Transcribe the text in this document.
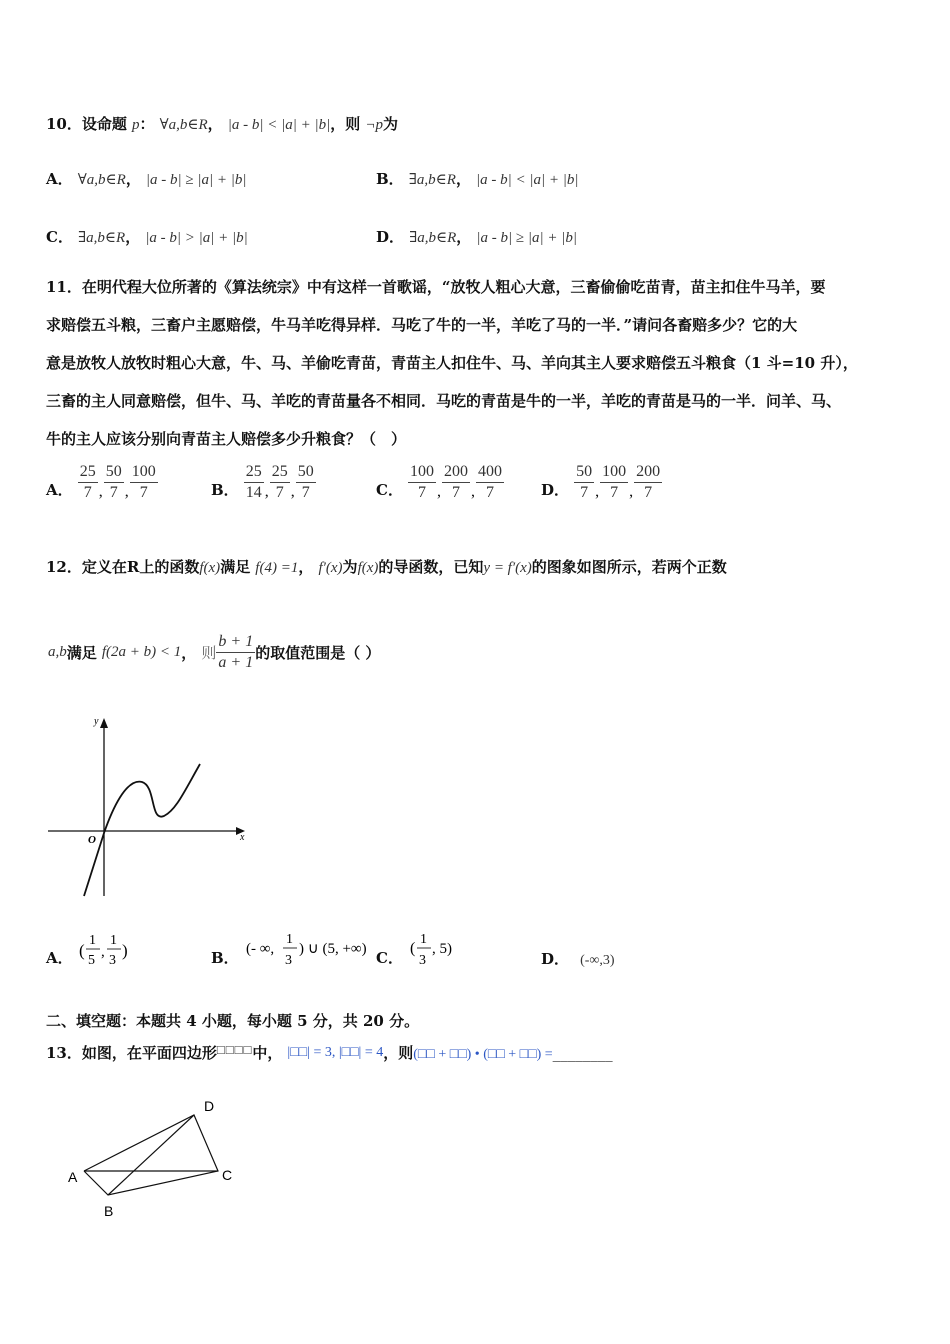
10．设命题 p： ∀a,b∈R， |a - b| < |a| + |b|，则 ¬p为
A． ∀a,b∈R， |a - b| ≥ |a| + |b|	B． ∃a,b∈R， |a - b| < |a| + |b|
C． ∃a,b∈R， |a - b| > |a| + |b|	D． ∃a,b∈R， |a - b| ≥ |a| + |b|
11．在明代程大位所著的《算法统宗》中有这样一首歌谣，“放牧人粗心大意，三畜偷偷吃苗青，苗主扣住牛马羊，要
求赔偿五斗粮，三畜户主愿赔偿，牛马羊吃得异样．马吃了牛的一半，羊吃了马的一半．”请问各畜赔多少？它的大
意是放牧人放牧时粗心大意，牛、马、羊偷吃青苗，青苗主人扣住牛、马、羊向其主人要求赔偿五斗粮食（1 斗=10 升），
三畜的主人同意赔偿，但牛、马、羊吃的青苗量各不相同．马吃的青苗是牛的一半，羊吃的青苗是马的一半．问羊、马、
牛的主人应该分别向青苗主人赔偿多少升粮食？（　）
A． $\frac{25}{7}$ , $\frac{50}{7}$ , $\frac{100}{7}$	B． $\frac{25}{14}$ , $\frac{25}{7}$ , $\frac{50}{7}$	C． $\frac{100}{7}$ , $\frac{200}{7}$ , $\frac{400}{7}$ D． $\frac{50}{7}$ , $\frac{100}{7}$ , $\frac{200}{7}$
12．定义在R上的函数f(x)满足 f(4) =1， f′(x)为f(x)的导函数，已知y = f′(x)的图象如图所示，若两个正数
a,b满足 f(2a + b) < 1， 则 $\frac{b + 1}{a + 1}$ 的取值范围是（ ）
y
x
O
A． (
1
5
,
1
3
)	B． (- ∞,
1
3
) ∪ (5, +∞) C． (
1
3
, 5)
D． (-∞,3)
二、填空题：本题共 4 小题，每小题 5 分，共 20 分。
13．如图，在平面四边形□□□□中， |□□| = 3, |□□| = 4，则(□□ + □□) • (□□ + □□) =________
A
B
C
D
